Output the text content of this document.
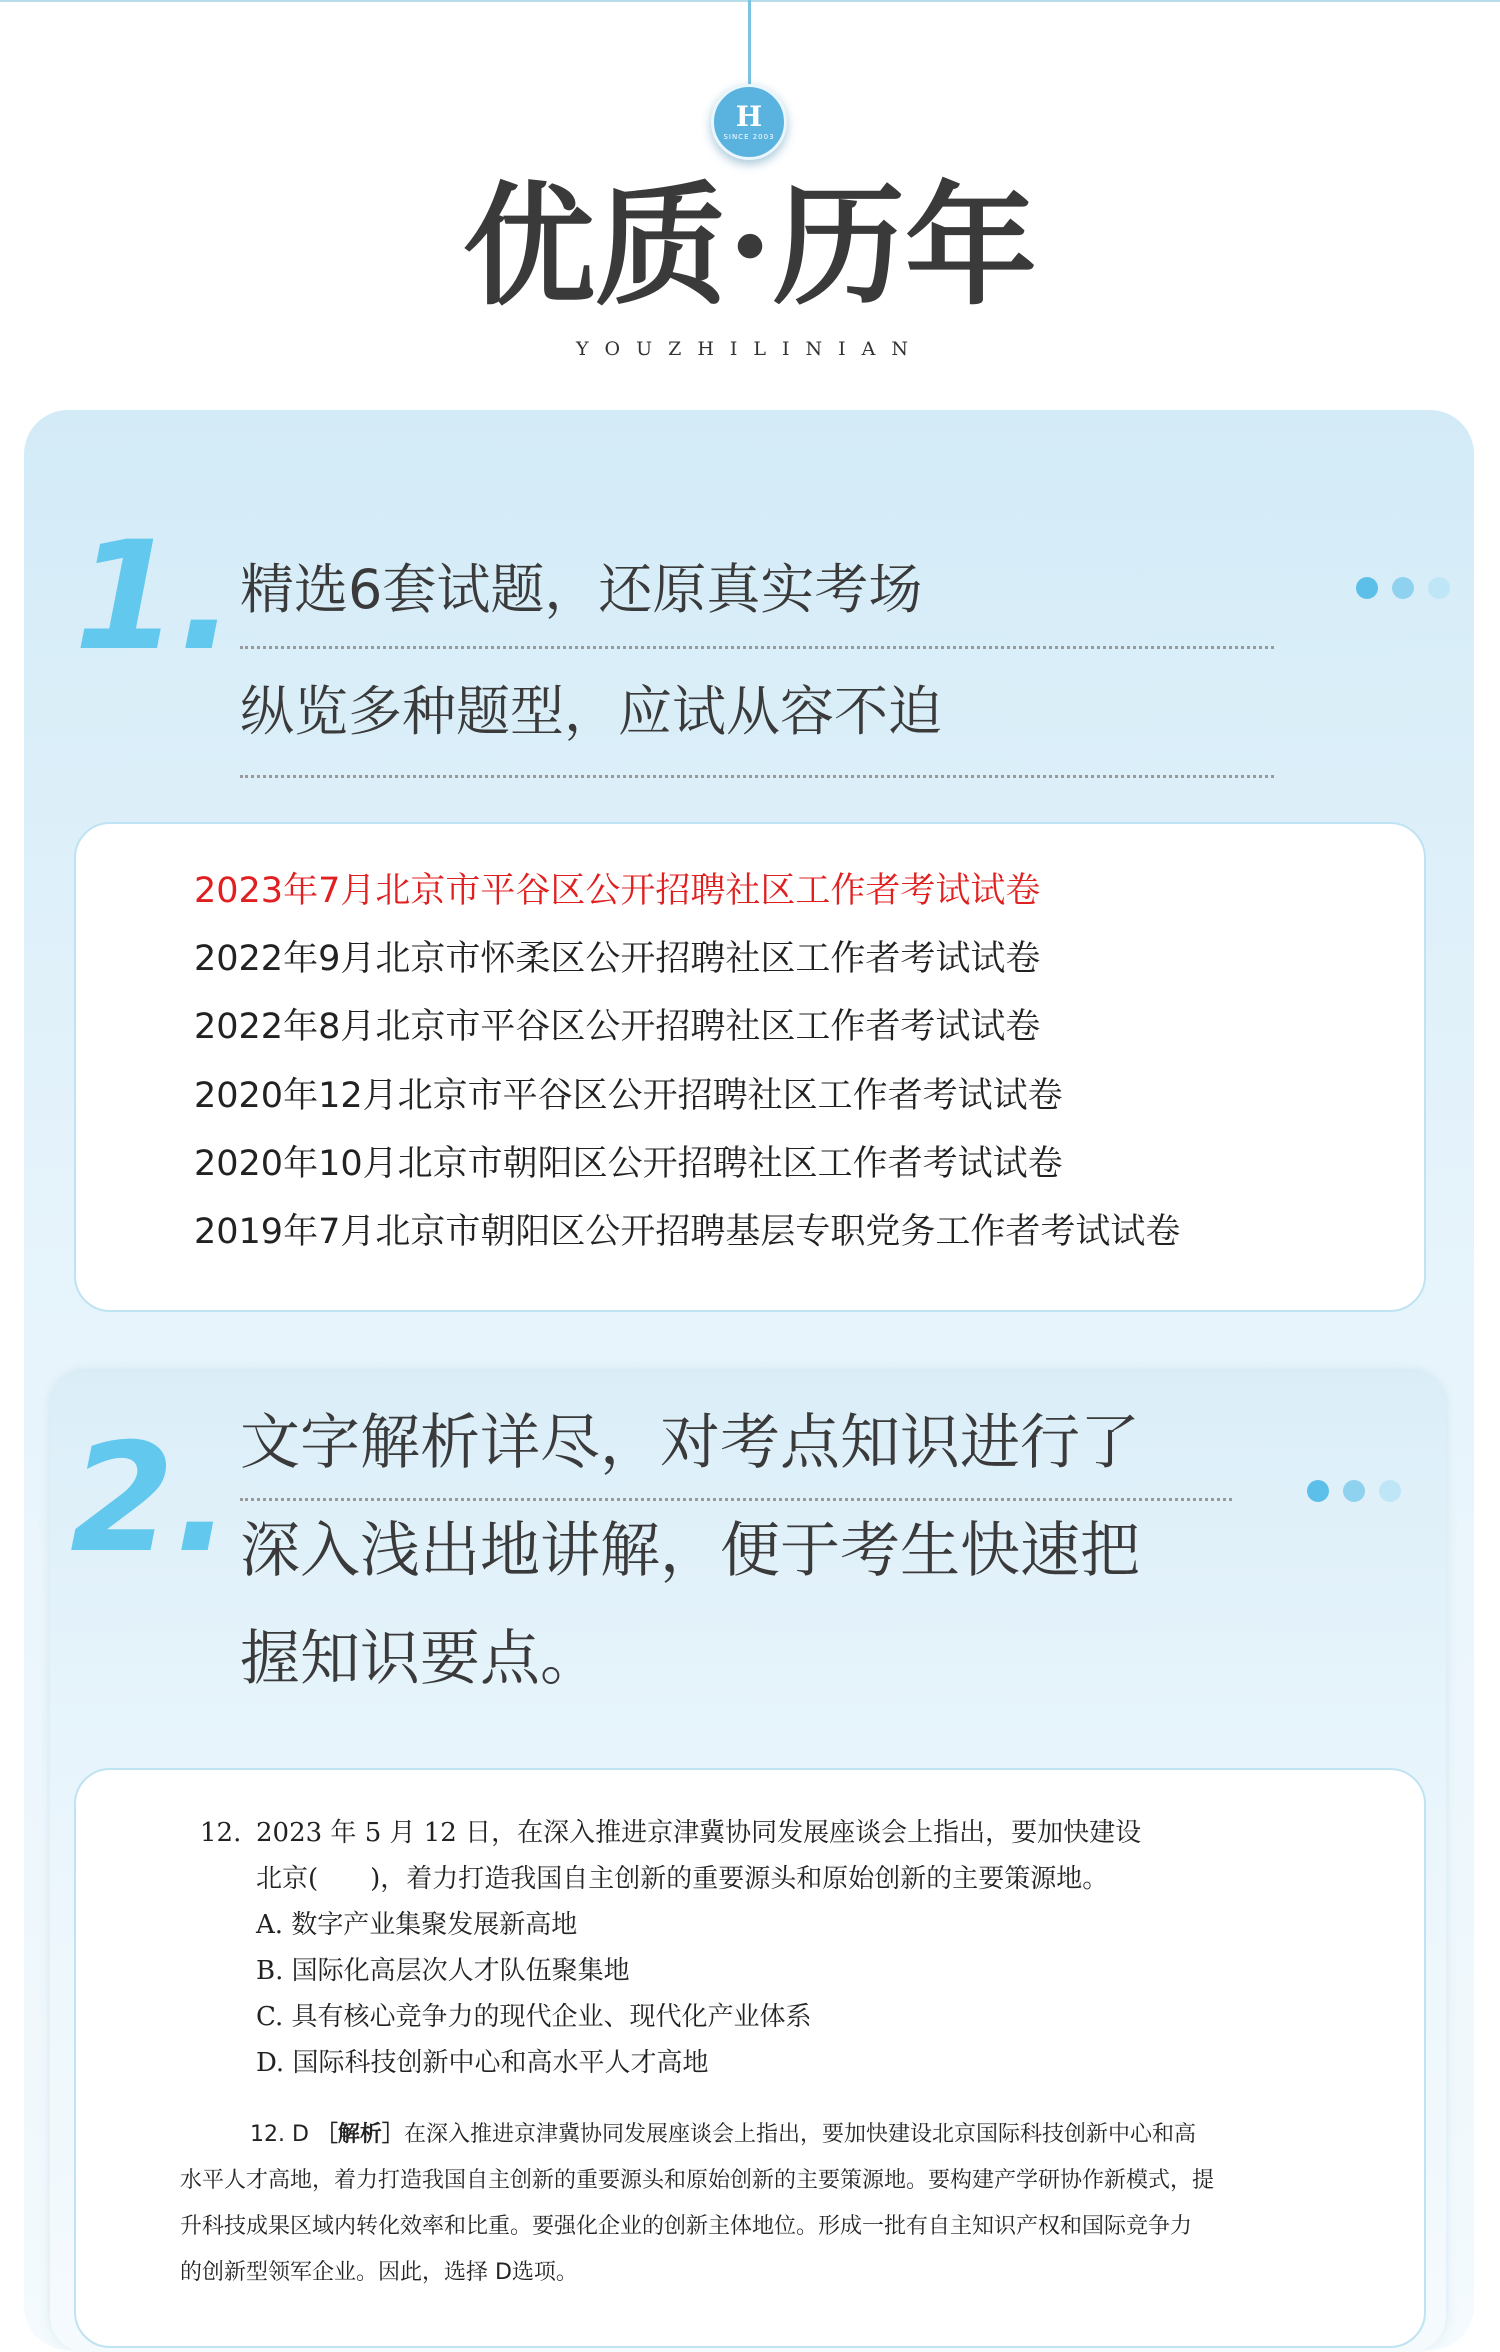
H
SINCE 2003
优质·历年
YOUZHILINIAN
1. 精选6套试题，还原真实考场
纵览多种题型，应试从容不迫
2023年7月北京市平谷区公开招聘社区工作者考试试卷
2022年9月北京市怀柔区公开招聘社区工作者考试试卷
2022年8月北京市平谷区公开招聘社区工作者考试试卷
2020年12月北京市平谷区公开招聘社区工作者考试试卷
2020年10月北京市朝阳区公开招聘社区工作者考试试卷
2019年7月北京市朝阳区公开招聘基层专职党务工作者考试试卷
2. 文字解析详尽，对考点知识进行了
深入浅出地讲解，便于考生快速把
握知识要点。
12. 2023 年 5 月 12 日，在深入推进京津冀协同发展座谈会上指出，要加快建设
北京(　　)，着力打造我国自主创新的重要源头和原始创新的主要策源地。
A. 数字产业集聚发展新高地
B. 国际化高层次人才队伍聚集地
C. 具有核心竞争力的现代企业、现代化产业体系
D. 国际科技创新中心和高水平人才高地
12. D ［解析］在深入推进京津冀协同发展座谈会上指出，要加快建设北京国际科技创新中心和高
水平人才高地，着力打造我国自主创新的重要源头和原始创新的主要策源地。要构建产学研协作新模式，提
升科技成果区域内转化效率和比重。要强化企业的创新主体地位。形成一批有自主知识产权和国际竞争力
的创新型领军企业。因此，选择 D选项。
